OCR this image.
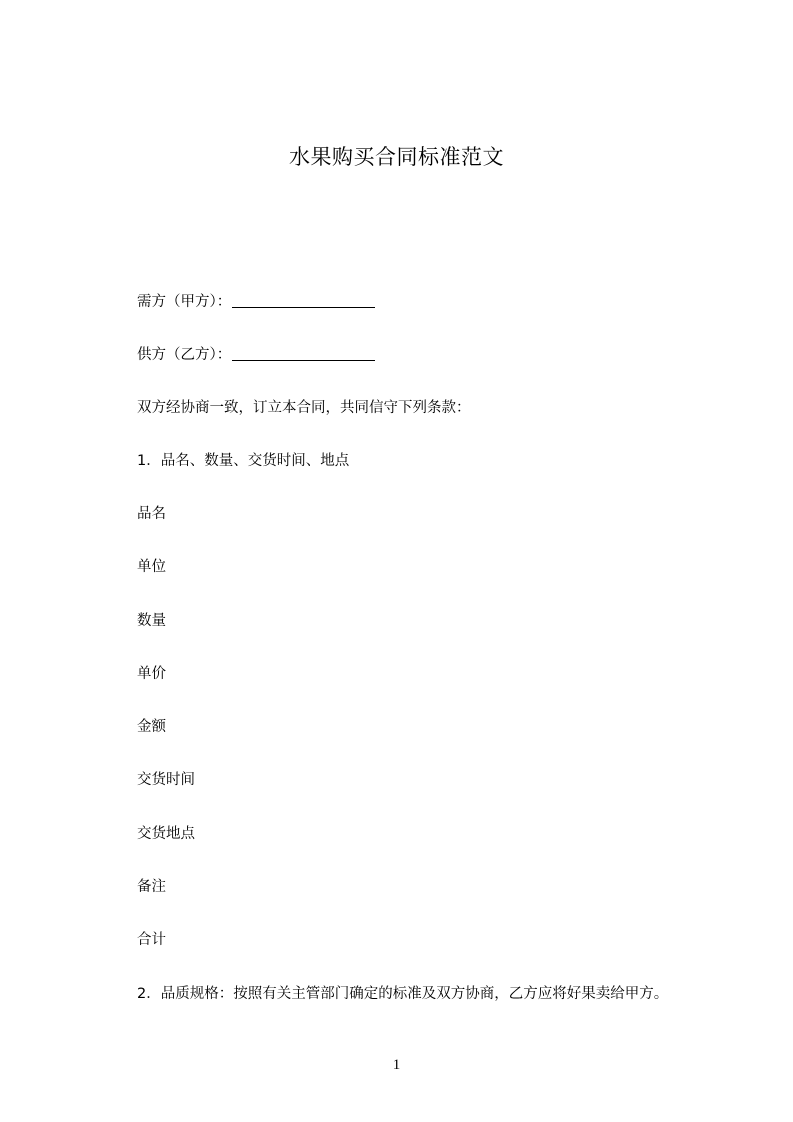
水果购买合同标准范文
需方（甲方）：
供方（乙方）：
双方经协商一致，订立本合同，共同信守下列条款：
1．品名、数量、交货时间、地点
品名
单位
数量
单价
金额
交货时间
交货地点
备注
合计
2．品质规格：按照有关主管部门确定的标准及双方协商，乙方应将好果卖给甲方。
1
